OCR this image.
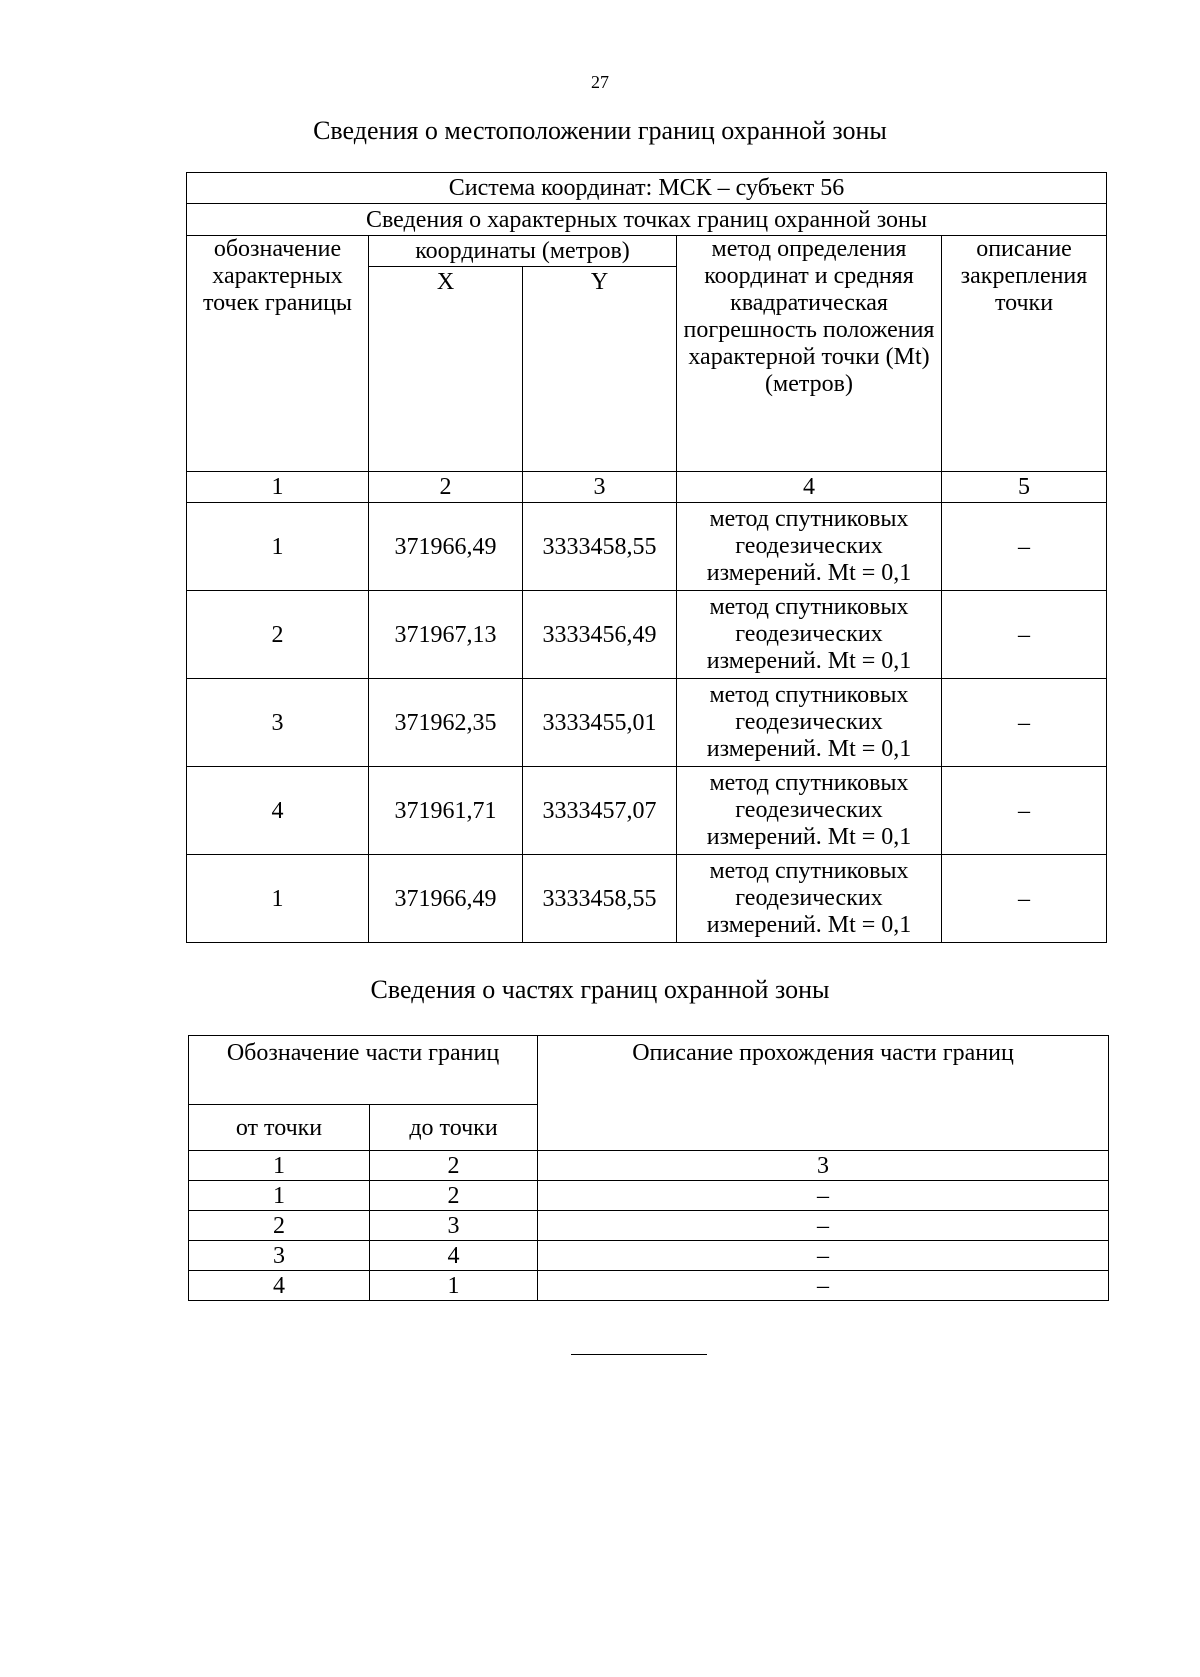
27
Сведения о местоположении границ охранной зоны
Система координат: МСК – субъект 56				
Сведения о характерных точках границ охранной зоны				
обозначение характерных точек границы	координаты (метров)		метод определения координат и средняя квадратическая погрешность положения характерной точки (Mt) (метров)	описание закрепления точки
	X	Y		
1	2	3	4	5
1	371966,49	3333458,55	метод спутниковых геодезических измерений. Mt = 0,1	–
2	371967,13	3333456,49	метод спутниковых геодезических измерений. Mt = 0,1	–
3	371962,35	3333455,01	метод спутниковых геодезических измерений. Mt = 0,1	–
4	371961,71	3333457,07	метод спутниковых геодезических измерений. Mt = 0,1	–
1	371966,49	3333458,55	метод спутниковых геодезических измерений. Mt = 0,1	–
Сведения о частях границ охранной зоны
Обозначение части границ		Описание прохождения части границ
от точки	до точки	
1	2	3
1	2	–
2	3	–
3	4	–
4	1	–
